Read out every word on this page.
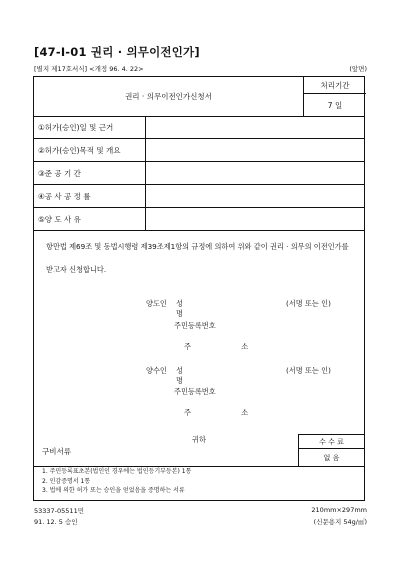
[47-I-01 권리 · 의무이전인가]
[별지 제17호서식] <개정 96. 4. 22>	(앞면)
권리 · 의무이전인가신청서
처리기간
7 일
①허가(승인)일 및 근거
②허가(승인)목적 및 개요
③준 공 기 간
④공 사 공 정 률
⑤양 도 사 유
항만법 제69조 및 동법시행령 제39조제1항의 규정에 의하여 위와 같이 권리 · 의무의 이전인가를 받고자 신청합니다.
양도인 성 명
(서명 또는 인)
주민등록번호
주 소
양수인 성 명
(서명 또는 인)
주민등록번호
주 소
귀하
구비서류
수 수 료
없 음
1. 주민등록표초본(법인인 경우에는 법인등기부등본) 1통
2. 인감증명서 1통
3. 법에 의한 허가 또는 승인을 얻었음을 증명하는 서류
53337-05511민
91. 12. 5 승인
210mm×297mm
(신문용지 54g/㎡)
